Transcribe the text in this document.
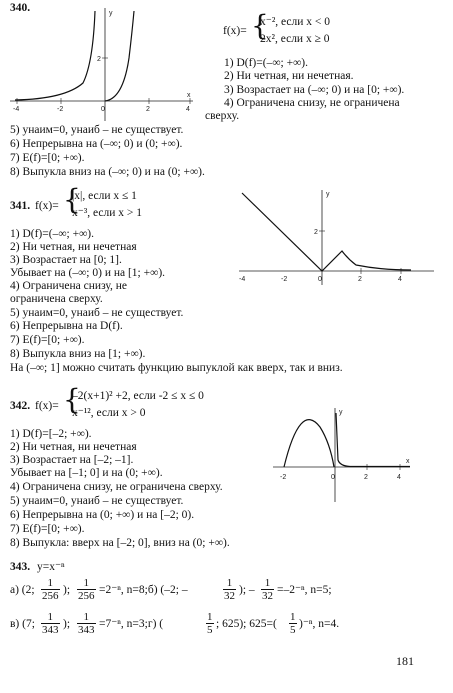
340.
-4	-2	0	2	4
2
y
x
f(x)= {
x⁻², если x < 0
2x², если x ≥ 0
1) D(f)=(–∞; +∞).
2) Ни четная, ни нечетная.
3) Возрастает на (–∞; 0) и на [0; +∞).
4) Ограничена снизу, не ограничена
сверху.
5) yнаим=0, yнаиб – не существует.
6) Непрерывна на (–∞; 0) и (0; +∞).
7) E(f)=[0; +∞).
8) Выпукла вниз на (–∞; 0) и на (0; +∞).
341. f(x)= {
|x|, если x ≤ 1
x⁻³, если x > 1
-4	-2	0	2	4
2
y
1) D(f)=(–∞; +∞).
2) Ни четная, ни нечетная
3) Возрастает на [0; 1].
Убывает на (–∞; 0) и на [1; +∞).
4) Ограничена снизу, не
ограничена сверху.
5) yнаим=0, yнаиб – не существует.
6) Непрерывна на D(f).
7) E(f)=[0; +∞).
8) Выпукла вниз на [1; +∞).
На (–∞; 1] можно считать функцию выпуклой как вверх, так и вниз.
342. f(x)= {
–2(x+1)² +2, если -2 ≤ x ≤ 0
x⁻¹², если x > 0
-2	0	2	4
y
x
1) D(f)=[–2; +∞).
2) Ни четная, ни нечетная
3) Возрастает на [–2; –1].
Убывает на [–1; 0] и на (0; +∞).
4) Ограничена снизу, не ограничена сверху.
5) yнаим=0, yнаиб – не существует.
6) Непрерывна на (0; +∞) и на [–2; 0).
7) E(f)=[0; +∞).
8) Выпукла: вверх на [–2; 0], вниз на (0; +∞).
343. y=x⁻ⁿ
а) (2; $\frac{1}{256}$ ); $\frac{1}{256} =2^{-n}$, n=8;б) (–2; –	$\frac{1}{32}$ ); – $\frac{1}{32} =-2^{-n}$, n=5;
в) (7; $\frac{1}{343}$ ); $\frac{1}{343} =7^{-n}$, n=3;г) (	$\frac{1}{5}$ ; 625); $625=( \frac{1}{5} )^{-n}$, n=4.
181
